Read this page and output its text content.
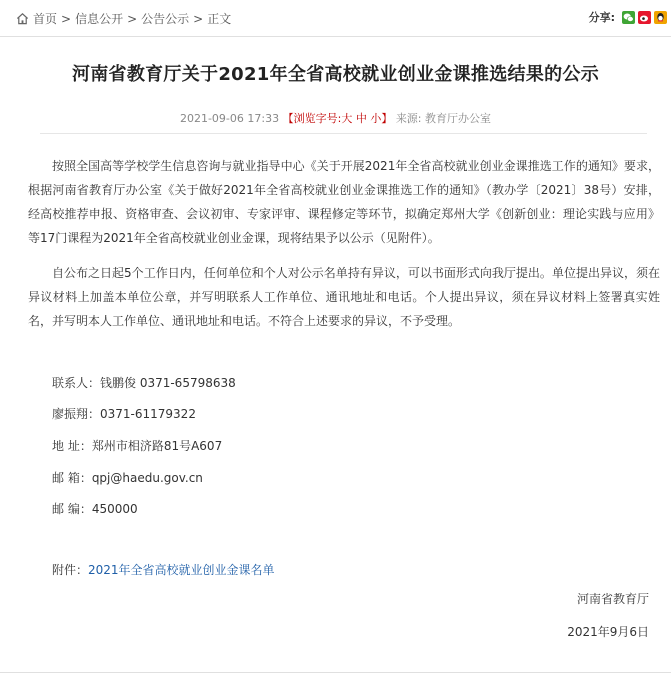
首页 > 信息公开 > 公告公示 > 正文	分享:
河南省教育厅关于2021年全省高校就业创业金课推选结果的公示
2021-09-06 17:33 【浏览字号:大 中 小】 来源: 教育厅办公室

按照全国高等学校学生信息咨询与就业指导中心《关于开展2021年全省高校就业创业金课推选工作的通知》要求，根据河南省教育厅办公室《关于做好2021年全省高校就业创业金课推选工作的通知》（教办学〔2021〕38号）安排，经高校推荐申报、资格审查、会议初审、专家评审、课程修定等环节，拟确定郑州大学《创新创业：理论实践与应用》等17门课程为2021年全省高校就业创业金课，现将结果予以公示（见附件）。

自公布之日起5个工作日内，任何单位和个人对公示名单持有异议，可以书面形式向我厅提出。单位提出异议，须在异议材料上加盖本单位公章，并写明联系人工作单位、通讯地址和电话。个人提出异议，须在异议材料上签署真实姓名，并写明本人工作单位、通讯地址和电话。不符合上述要求的异议，不予受理。

联系人：钱鹏俊 0371-65798638
廖振翔：0371-61179322
地 址：郑州市相济路81号A607
邮 箱：qpj@haedu.gov.cn
邮 编：450000
附件：2021年全省高校就业创业金课名单
河南省教育厅
2021年9月6日
